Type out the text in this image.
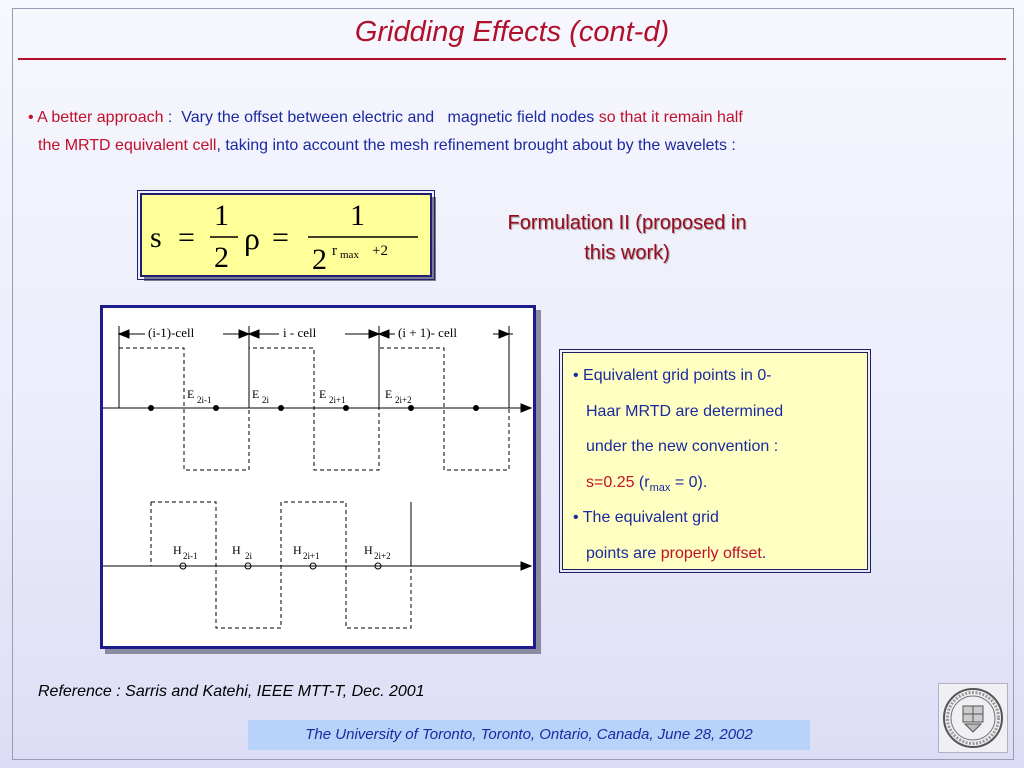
Gridding Effects (cont-d)
• A better approach :  Vary the offset between electric and   magnetic field nodes so that it remain half
the MRTD equivalent cell, taking into account the mesh refinement brought about by the wavelets :
s =
1
2
ρ =
1
2 r max +2
Formulation II (proposed in
this work)
(i-1)-cell	i - cell	(i + 1)- cell
E 2i-1	E 2i	E 2i+1	E 2i+2
H 2i-1	H 2i	H 2i+1	H 2i+2
• Equivalent grid points in 0-
Haar MRTD are determined
under the new convention :
s=0.25 $(r_{max} = 0)$.
• The equivalent grid
points are properly offset.
Reference : Sarris and Katehi, IEEE MTT-T, Dec. 2001
The University of Toronto, Toronto, Ontario, Canada, June 28, 2002
